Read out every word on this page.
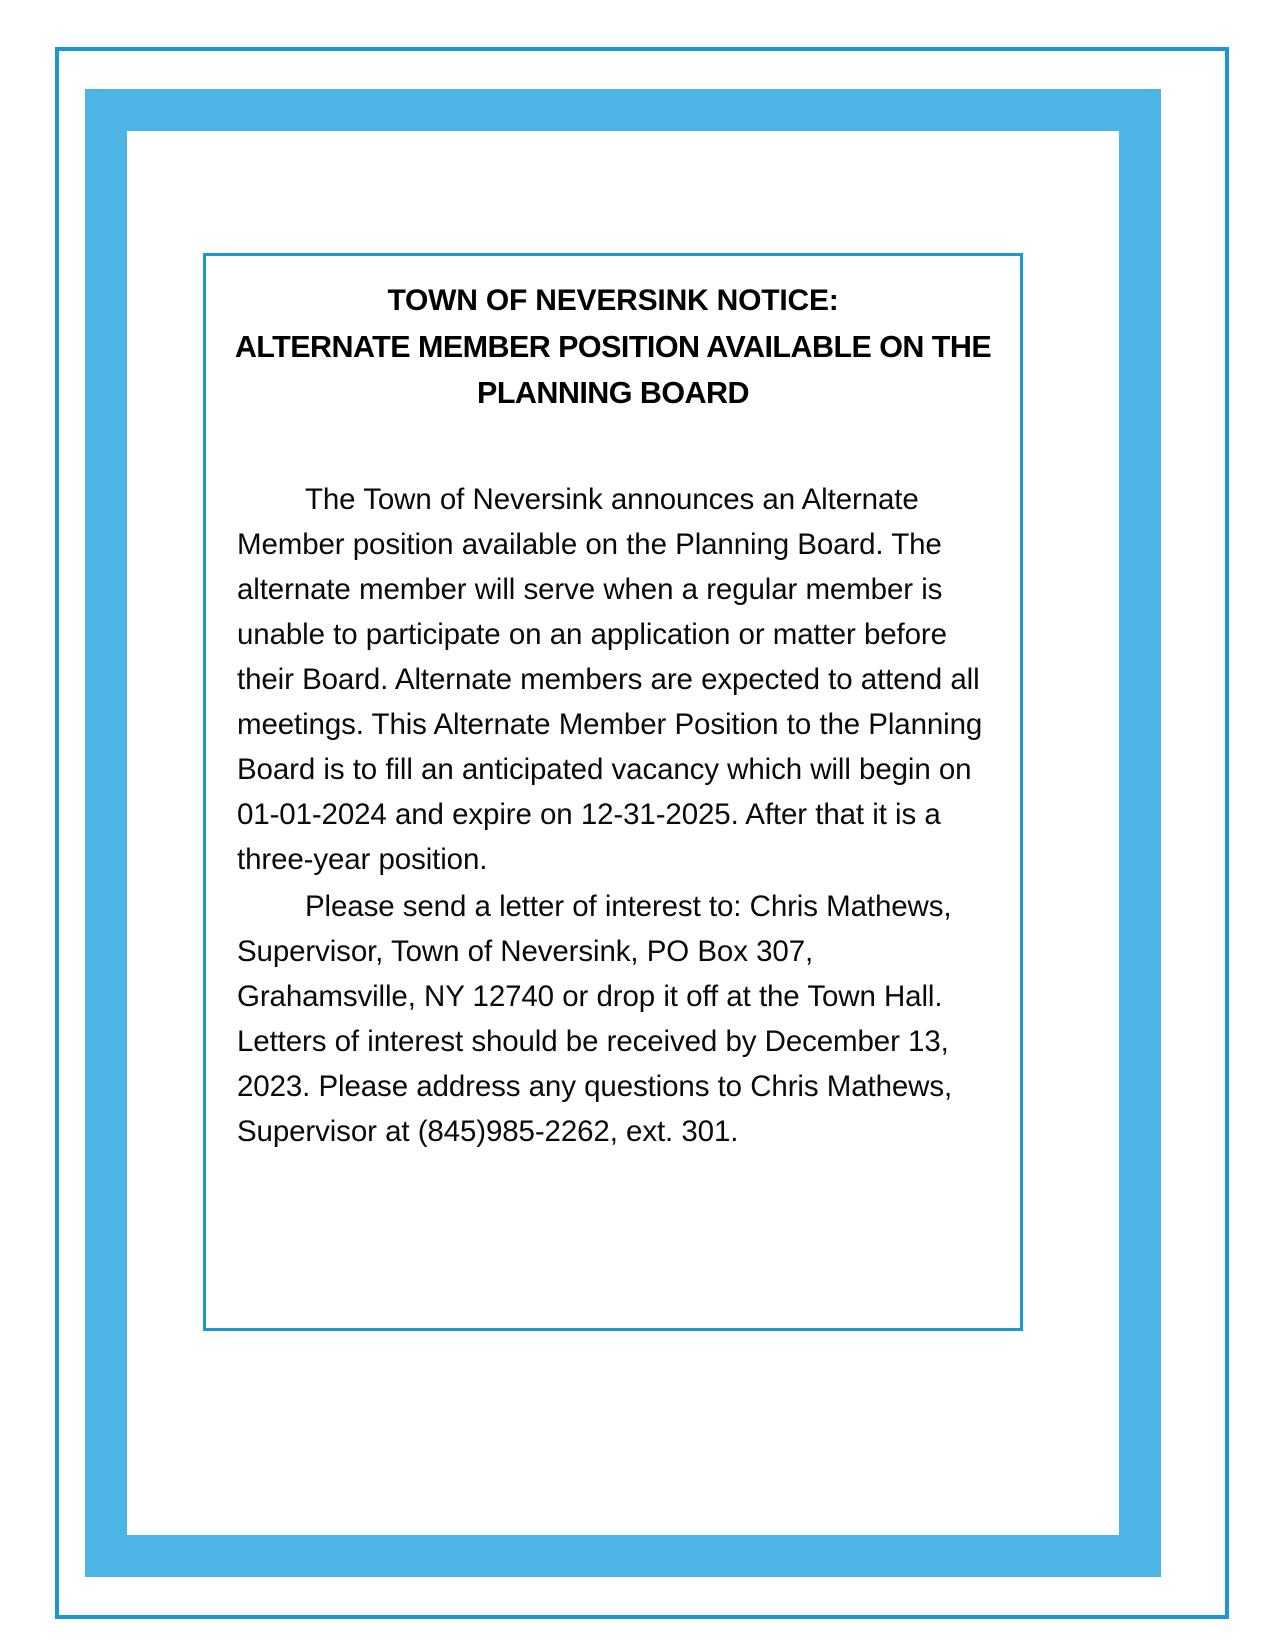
TOWN OF NEVERSINK NOTICE:
ALTERNATE MEMBER POSITION AVAILABLE ON THE PLANNING BOARD

The Town of Neversink announces an Alternate Member position available on the Planning Board. The alternate member will serve when a regular member is unable to participate on an application or matter before their Board. Alternate members are expected to attend all meetings. This Alternate Member Position to the Planning Board is to fill an anticipated vacancy which will begin on 01-01-2024 and expire on 12-31-2025. After that it is a three-year position.

Please send a letter of interest to: Chris Mathews, Supervisor, Town of Neversink, PO Box 307, Grahamsville, NY 12740 or drop it off at the Town Hall. Letters of interest should be received by December 13, 2023. Please address any questions to Chris Mathews, Supervisor at (845)985-2262, ext. 301.
